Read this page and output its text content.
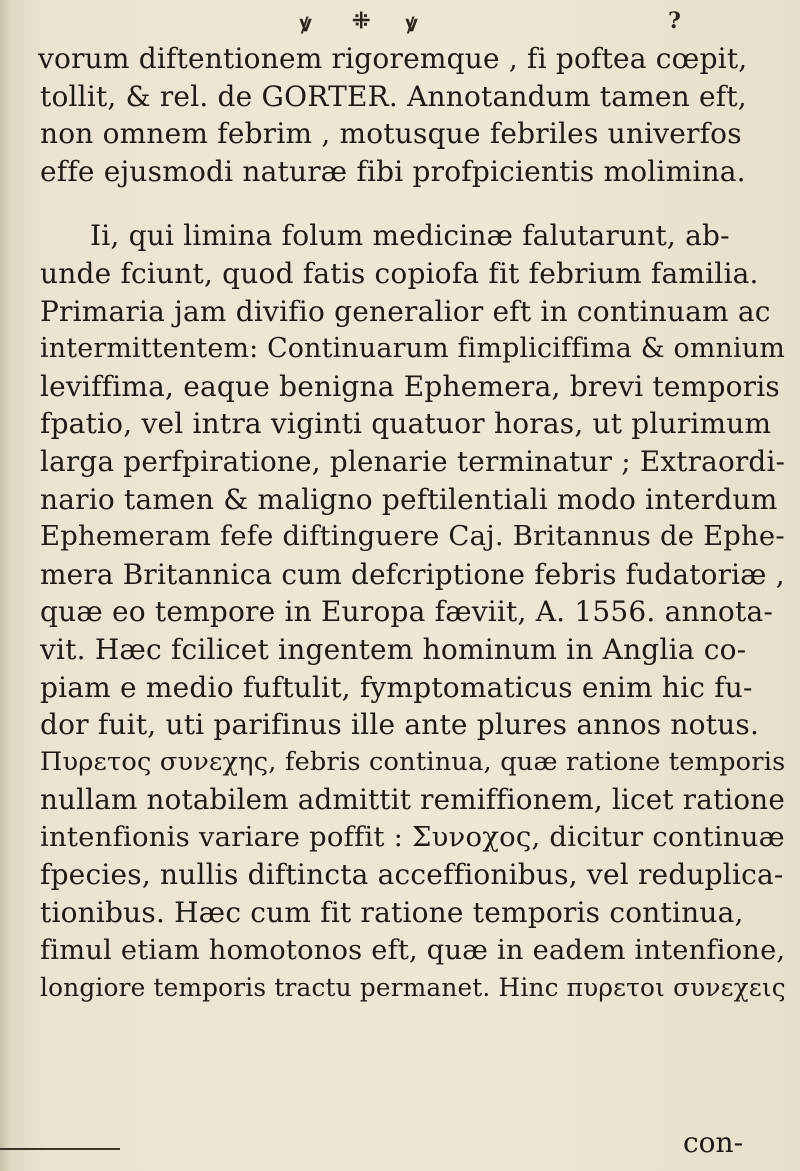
ꝟ ⁜ ꝟ	?
vorum diftentionem rigoremque , fi poftea cœpit,
tollit, & rel. de GORTER. Annotandum tamen eft,
non omnem febrim , motusque febriles univerfos
effe ejusmodi naturæ fibi profpicientis molimina.
Ii, qui limina folum medicinæ falutarunt, ab-
unde fciunt, quod fatis copiofa fit febrium familia.
Primaria jam divifio generalior eft in continuam ac
intermittentem: Continuarum fimpliciffima & omnium
leviffima, eaque benigna Ephemera, brevi temporis
fpatio, vel intra viginti quatuor horas, ut plurimum
larga perfpiratione, plenarie terminatur ; Extraordi-
nario tamen & maligno peftilentiali modo interdum
Ephemeram fefe diftinguere Caj. Britannus de Ephe-
mera Britannica cum defcriptione febris fudatoriæ ,
quæ eo tempore in Europa fæviit, A. 1556. annota-
vit. Hæc fcilicet ingentem hominum in Anglia co-
piam e medio fuftulit, fymptomaticus enim hic fu-
dor fuit, uti parifinus ille ante plures annos notus.
Πυρετος συνεχης, febris continua, quæ ratione temporis
nullam notabilem admittit remiffionem, licet ratione
intenfionis variare poffit : Συνοχος, dicitur continuæ
fpecies, nullis diftincta acceffionibus, vel reduplica-
tionibus. Hæc cum fit ratione temporis continua,
fimul etiam homotonos eft, quæ in eadem intenfione,
longiore temporis tractu permanet. Hinc πυρετοι συνεχεις
con-
